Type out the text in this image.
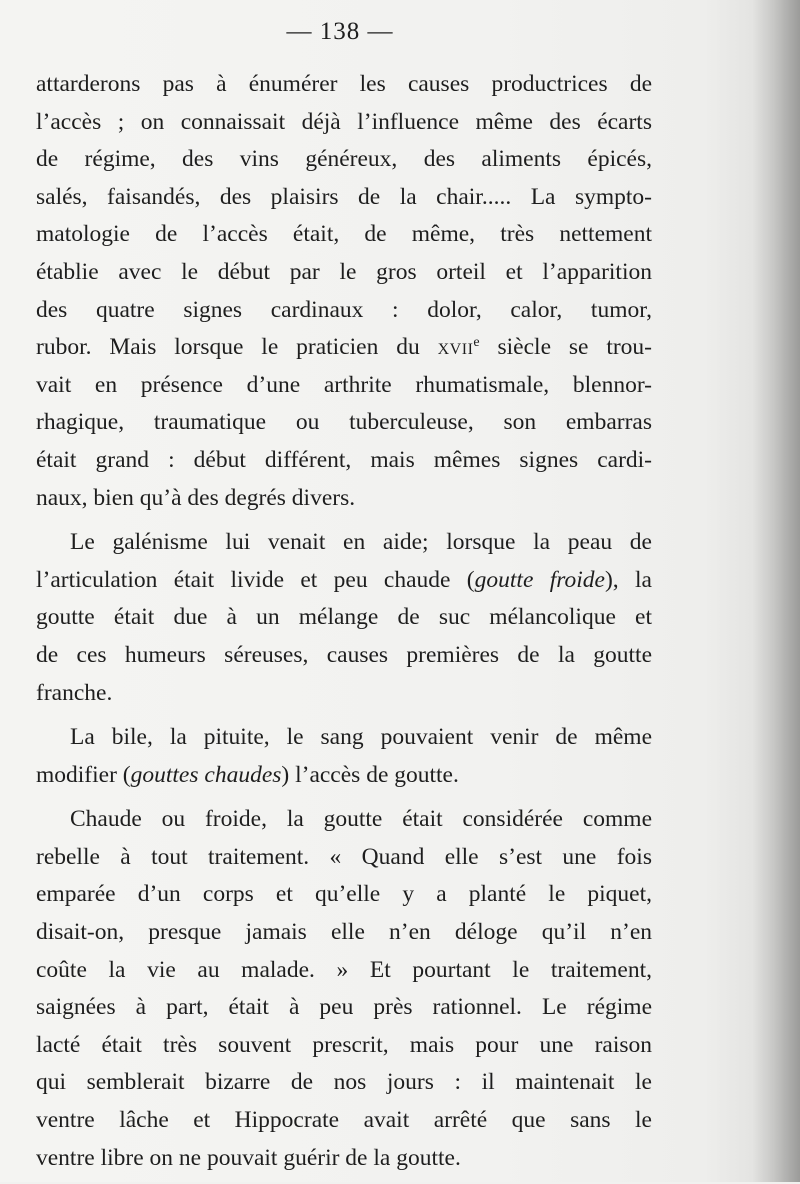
— 138 —
attarderons pas à énumérer les causes productrices de
l’accès ; on connaissait déjà l’influence même des écarts
de régime, des vins généreux, des aliments épicés,
salés, faisandés, des plaisirs de la chair..... La sympto-
matologie de l’accès était, de même, très nettement
établie avec le début par le gros orteil et l’apparition
des quatre signes cardinaux : dolor, calor, tumor,
rubor. Mais lorsque le praticien du xvii$^e$ siècle se trou-
vait en présence d’une arthrite rhumatismale, blennor-
rhagique, traumatique ou tuberculeuse, son embarras
était grand : début différent, mais mêmes signes cardi-
naux, bien qu’à des degrés divers.
Le galénisme lui venait en aide; lorsque la peau de
l’articulation était livide et peu chaude (goutte froide), la
goutte était due à un mélange de suc mélancolique et
de ces humeurs séreuses, causes premières de la goutte
franche.
La bile, la pituite, le sang pouvaient venir de même
modifier (gouttes chaudes) l’accès de goutte.
Chaude ou froide, la goutte était considérée comme
rebelle à tout traitement. « Quand elle s’est une fois
emparée d’un corps et qu’elle y a planté le piquet,
disait-on, presque jamais elle n’en déloge qu’il n’en
coûte la vie au malade. » Et pourtant le traitement,
saignées à part, était à peu près rationnel. Le régime
lacté était très souvent prescrit, mais pour une raison
qui semblerait bizarre de nos jours : il maintenait le
ventre lâche et Hippocrate avait arrêté que sans le
ventre libre on ne pouvait guérir de la goutte.
